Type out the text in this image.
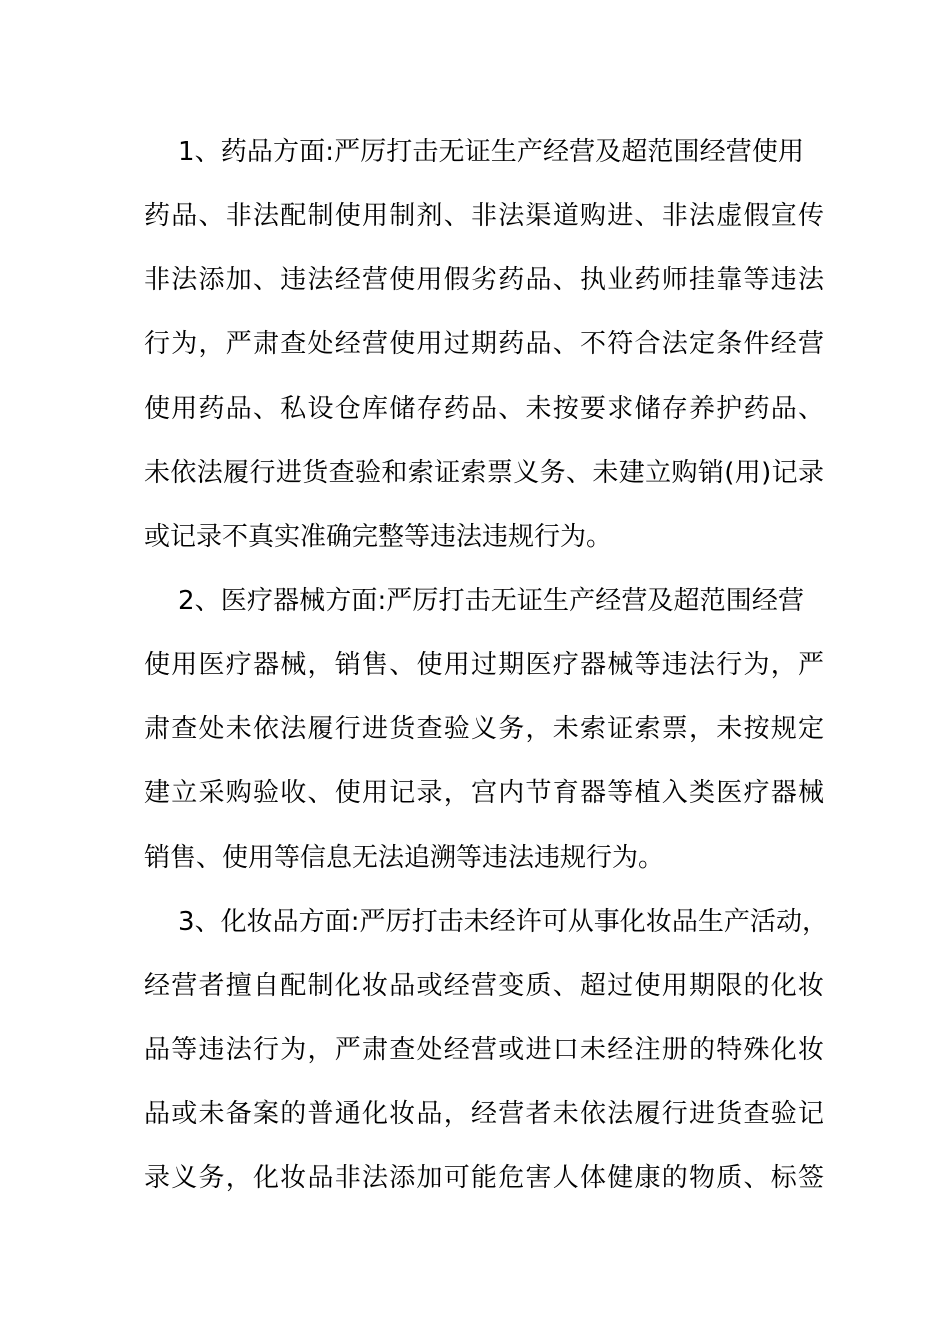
1、药品方面:严厉打击无证生产经营及超范围经营使用
药品、非法配制使用制剂、非法渠道购进、非法虚假宣传
非法添加、违法经营使用假劣药品、执业药师挂靠等违法
行为，严肃查处经营使用过期药品、不符合法定条件经营
使用药品、私设仓库储存药品、未按要求储存养护药品、
未依法履行进货查验和索证索票义务、未建立购销(用)记录
或记录不真实准确完整等违法违规行为。
2、医疗器械方面:严厉打击无证生产经营及超范围经营
使用医疗器械，销售、使用过期医疗器械等违法行为，严
肃查处未依法履行进货查验义务，未索证索票，未按规定
建立采购验收、使用记录，宫内节育器等植入类医疗器械
销售、使用等信息无法追溯等违法违规行为。
3、化妆品方面:严厉打击未经许可从事化妆品生产活动，
经营者擅自配制化妆品或经营变质、超过使用期限的化妆
品等违法行为，严肃查处经营或进口未经注册的特殊化妆
品或未备案的普通化妆品，经营者未依法履行进货查验记
录义务，化妆品非法添加可能危害人体健康的物质、标签
